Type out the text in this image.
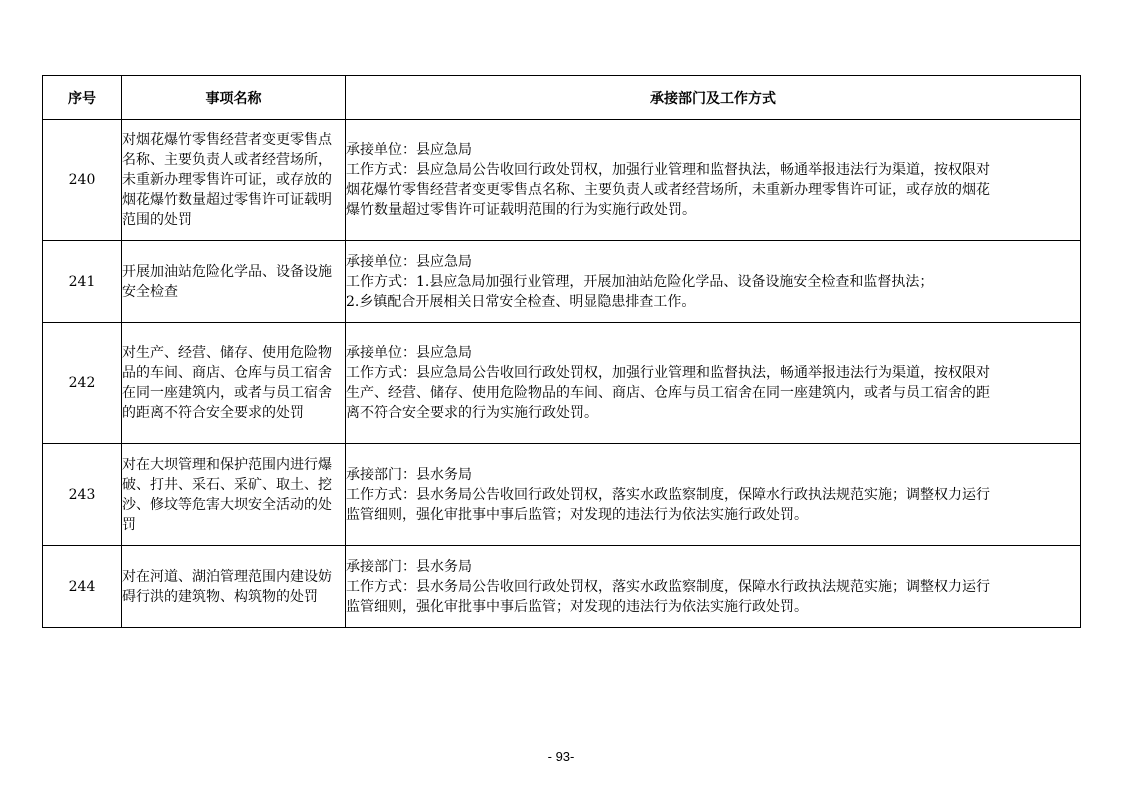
序号	事项名称	承接部门及工作方式
240	对烟花爆竹零售经营者变更零售点名称、主要负责人或者经营场所，未重新办理零售许可证，或存放的烟花爆竹数量超过零售许可证载明范围的处罚	承接单位：县应急局
工作方式：县应急局公告收回行政处罚权，加强行业管理和监督执法，畅通举报违法行为渠道，按权限对
烟花爆竹零售经营者变更零售点名称、主要负责人或者经营场所，未重新办理零售许可证，或存放的烟花
爆竹数量超过零售许可证载明范围的行为实施行政处罚。

241	开展加油站危险化学品、设备设施安全检查	承接单位：县应急局
工作方式：1.县应急局加强行业管理，开展加油站危险化学品、设备设施安全检查和监督执法；
2.乡镇配合开展相关日常安全检查、明显隐患排查工作。

242	对生产、经营、储存、使用危险物品的车间、商店、仓库与员工宿舍在同一座建筑内，或者与员工宿舍的距离不符合安全要求的处罚	承接单位：县应急局
工作方式：县应急局公告收回行政处罚权，加强行业管理和监督执法，畅通举报违法行为渠道，按权限对
生产、经营、储存、使用危险物品的车间、商店、仓库与员工宿舍在同一座建筑内，或者与员工宿舍的距
离不符合安全要求的行为实施行政处罚。

243	对在大坝管理和保护范围内进行爆破、打井、采石、采矿、取土、挖沙、修坟等危害大坝安全活动的处罚	承接部门：县水务局
工作方式：县水务局公告收回行政处罚权，落实水政监察制度，保障水行政执法规范实施；调整权力运行
监管细则，强化审批事中事后监管；对发现的违法行为依法实施行政处罚。

244	对在河道、湖泊管理范围内建设妨碍行洪的建筑物、构筑物的处罚	承接部门：县水务局
工作方式：县水务局公告收回行政处罚权，落实水政监察制度，保障水行政执法规范实施；调整权力运行
监管细则，强化审批事中事后监管；对发现的违法行为依法实施行政处罚。
- 93-
